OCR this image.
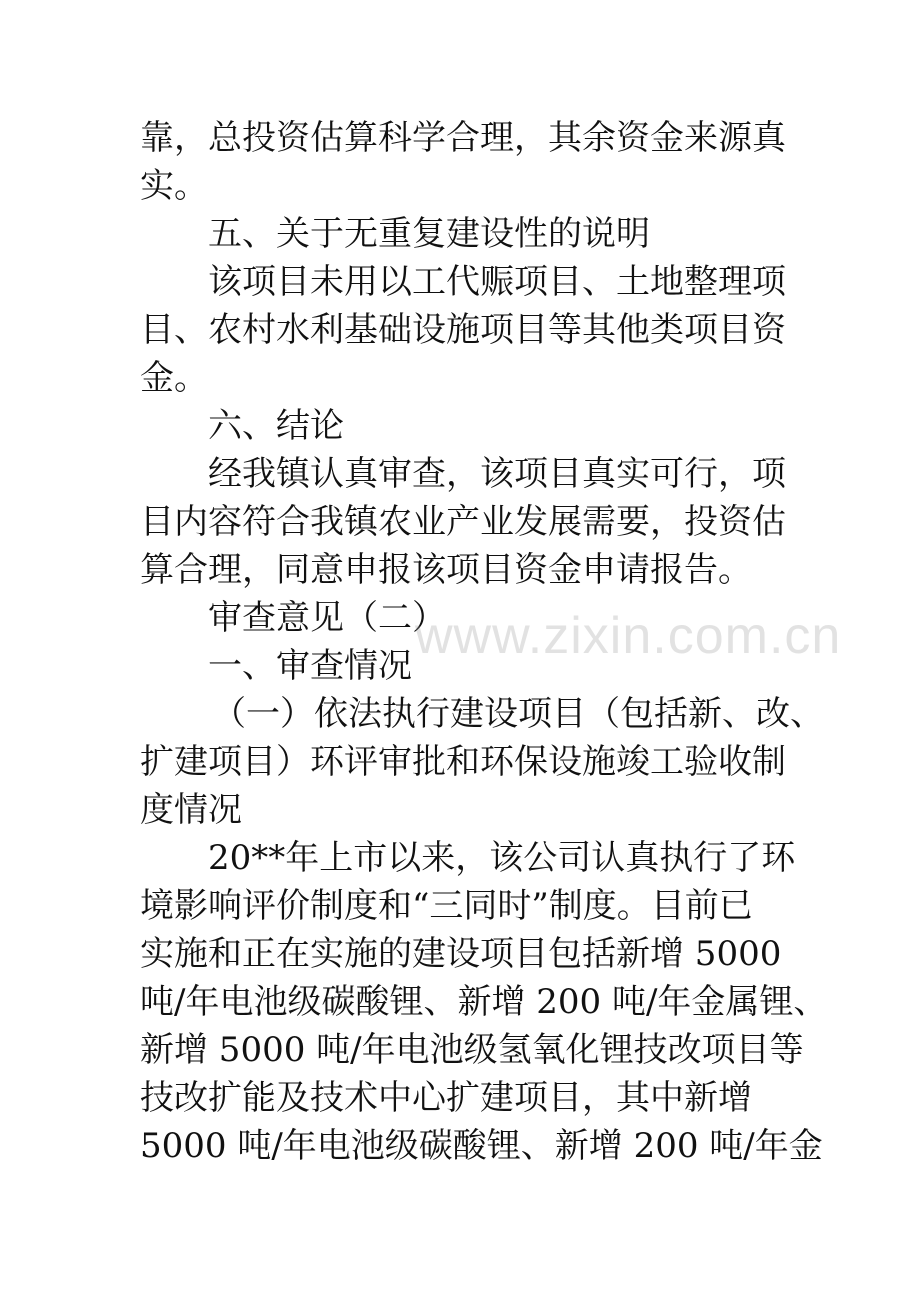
靠，总投资估算科学合理，其余资金来源真
实。
五、关于无重复建设性的说明
该项目未用以工代赈项目、土地整理项
目、农村水利基础设施项目等其他类项目资
金。
六、结论
经我镇认真审查，该项目真实可行，项
目内容符合我镇农业产业发展需要，投资估
算合理，同意申报该项目资金申请报告。
审查意见（二）
一、审查情况
（一）依法执行建设项目（包括新、改、
扩建项目）环评审批和环保设施竣工验收制
度情况
20**年上市以来，该公司认真执行了环
境影响评价制度和“三同时”制度。目前已
实施和正在实施的建设项目包括新增 5000
吨/年电池级碳酸锂、新增 200 吨/年金属锂、
新增 5000 吨/年电池级氢氧化锂技改项目等
技改扩能及技术中心扩建项目，其中新增
5000 吨/年电池级碳酸锂、新增 200 吨/年金
www.zixin.com.cn
